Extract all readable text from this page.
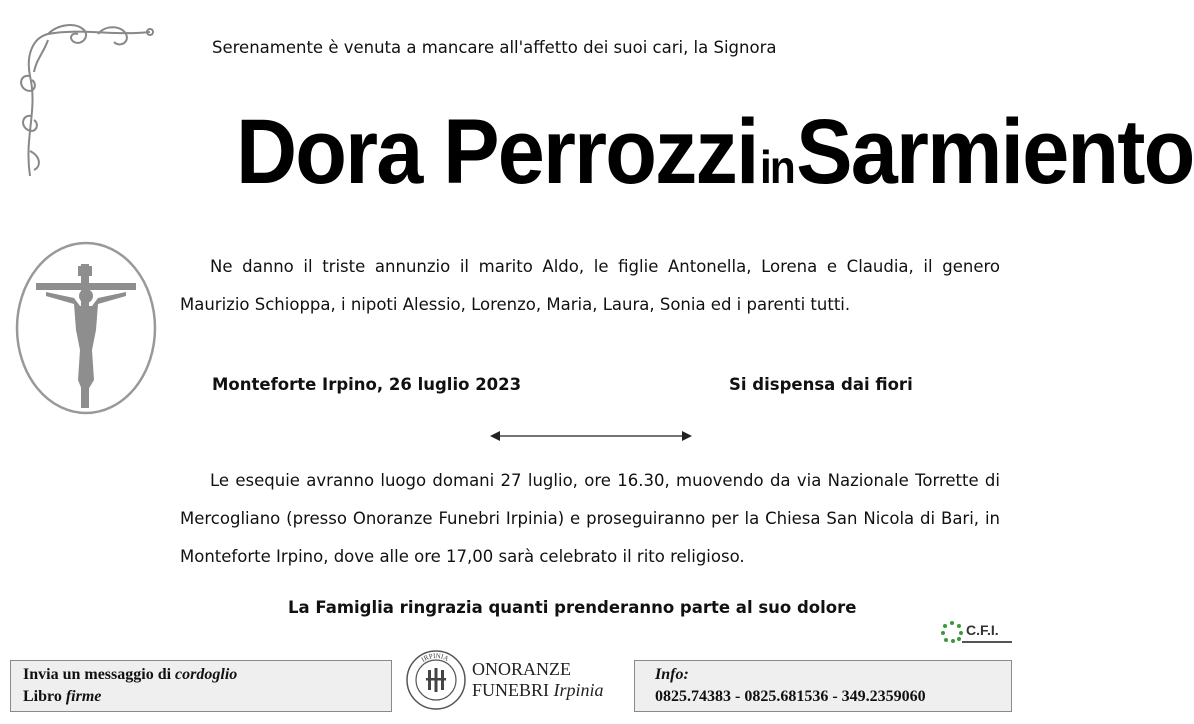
Serenamente è venuta a mancare all'affetto dei suoi cari, la Signora
Dora Perrozzi in Sarmiento
Ne danno il triste annunzio il marito Aldo, le figlie Antonella, Lorena e Claudia, il genero Maurizio Schioppa, i nipoti Alessio, Lorenzo, Maria, Laura, Sonia ed i parenti tutti.
Monteforte Irpino, 26 luglio 2023	Si dispensa dai fiori
Le esequie avranno luogo domani 27 luglio, ore 16.30, muovendo da via Nazionale Torrette di Mercogliano (presso Onoranze Funebri Irpinia) e proseguiranno per la Chiesa San Nicola di Bari, in Monteforte Irpino, dove alle ore 17,00 sarà celebrato il rito religioso.
La Famiglia ringrazia quanti prenderanno parte al suo dolore
C.F.I.
Invia un messaggio di cordoglio
Libro firme
IRPINIA
ONORANZE
FUNEBRI Irpinia
Info:
0825.74383 - 0825.681536 - 349.2359060
